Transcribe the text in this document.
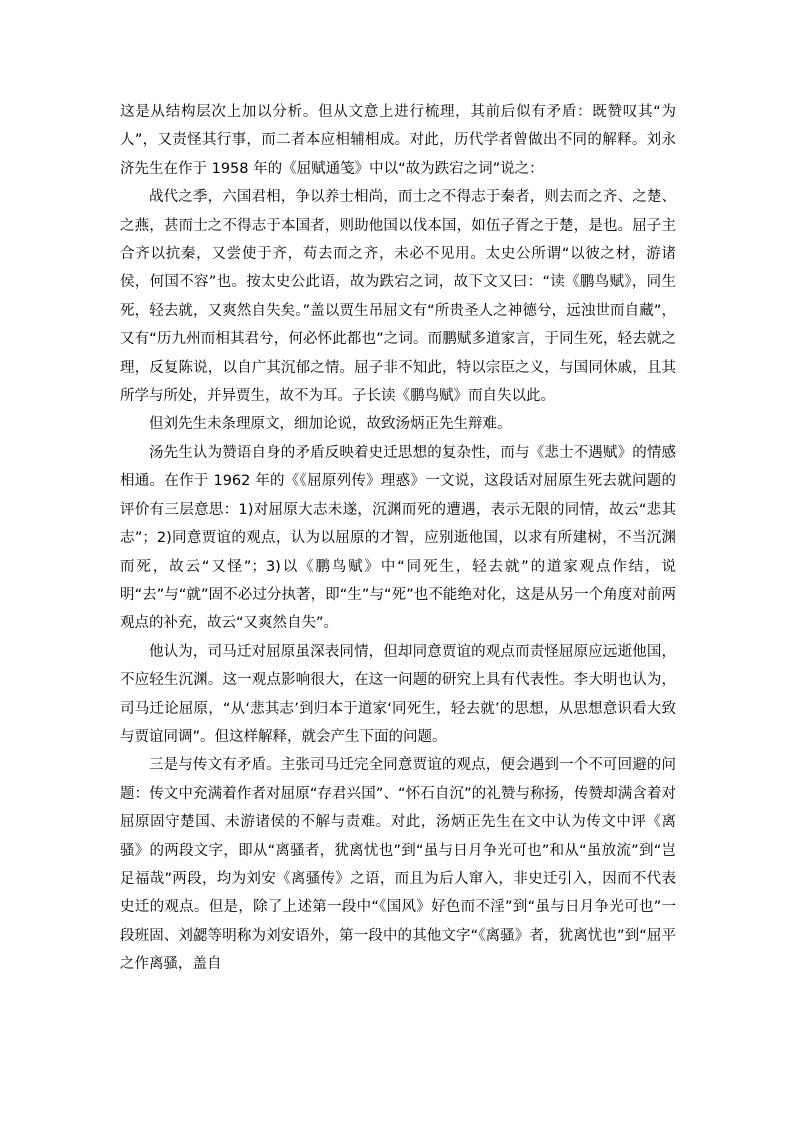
这是从结构层次上加以分析。但从文意上进行梳理，其前后似有矛盾：既赞叹其“为人”，又责怪其行事，而二者本应相辅相成。对此，历代学者曾做出不同的解释。刘永济先生在作于 1958 年的《屈赋通笺》中以“故为跌宕之词”说之：

战代之季，六国君相，争以养士相尚，而士之不得志于秦者，则去而之齐、之楚、之燕，甚而士之不得志于本国者，则助他国以伐本国，如伍子胥之于楚，是也。屈子主合齐以抗秦，又尝使于齐，苟去而之齐，未必不见用。太史公所谓“以彼之材，游诸侯，何国不容”也。按太史公此语，故为跌宕之词，故下文又曰：“读《鹏鸟赋》，同生死，轻去就，又爽然自失矣。”盖以贾生吊屈文有“所贵圣人之神德兮，远浊世而自藏”，又有“历九州而相其君兮，何必怀此都也”之词。而鹏赋多道家言，于同生死，轻去就之理，反复陈说，以自广其沉郁之情。屈子非不知此，特以宗臣之义，与国同休戚，且其所学与所处，并异贾生，故不为耳。子长读《鹏鸟赋》而自失以此。

但刘先生未条理原文，细加论说，故致汤炳正先生辩难。

汤先生认为赞语自身的矛盾反映着史迁思想的复杂性，而与《悲士不遇赋》的情感相通。在作于 1962 年的《《屈原列传》理惑》一文说，这段话对屈原生死去就问题的评价有三层意思：1)对屈原大志未遂，沉渊而死的遭遇，表示无限的同情，故云“悲其志”；2)同意贾谊的观点，认为以屈原的才智，应别逝他国，以求有所建树，不当沉渊而死，故云“又怪”；3)以《鹏鸟赋》中“同死生，轻去就”的道家观点作结，说明“去”与“就”固不必过分执著，即“生”与“死”也不能绝对化，这是从另一个角度对前两观点的补充，故云“又爽然自失”。

他认为，司马迁对屈原虽深表同情，但却同意贾谊的观点而责怪屈原应远逝他国，不应轻生沉渊。这一观点影响很大，在这一问题的研究上具有代表性。李大明也认为，司马迁论屈原，“从‘悲其志’到归本于道家‘同死生，轻去就’的思想，从思想意识看大致与贾谊同调”。但这样解释，就会产生下面的问题。

三是与传文有矛盾。主张司马迁完全同意贾谊的观点，便会遇到一个不可回避的问题：传文中充满着作者对屈原“存君兴国”、“怀石自沉”的礼赞与称扬，传赞却满含着对屈原固守楚国、未游诸侯的不解与责难。对此，汤炳正先生在文中认为传文中评《离骚》的两段文字，即从“离骚者，犹离忧也”到“虽与日月争光可也”和从“虽放流”到“岂足福哉”两段，均为刘安《离骚传》之语，而且为后人窜入，非史迁引入，因而不代表史迁的观点。但是，除了上述第一段中“《国风》好色而不淫”到“虽与日月争光可也”一段班固、刘勰等明称为刘安语外，第一段中的其他文字“《离骚》者，犹离忧也”到“屈平之作离骚，盖自
